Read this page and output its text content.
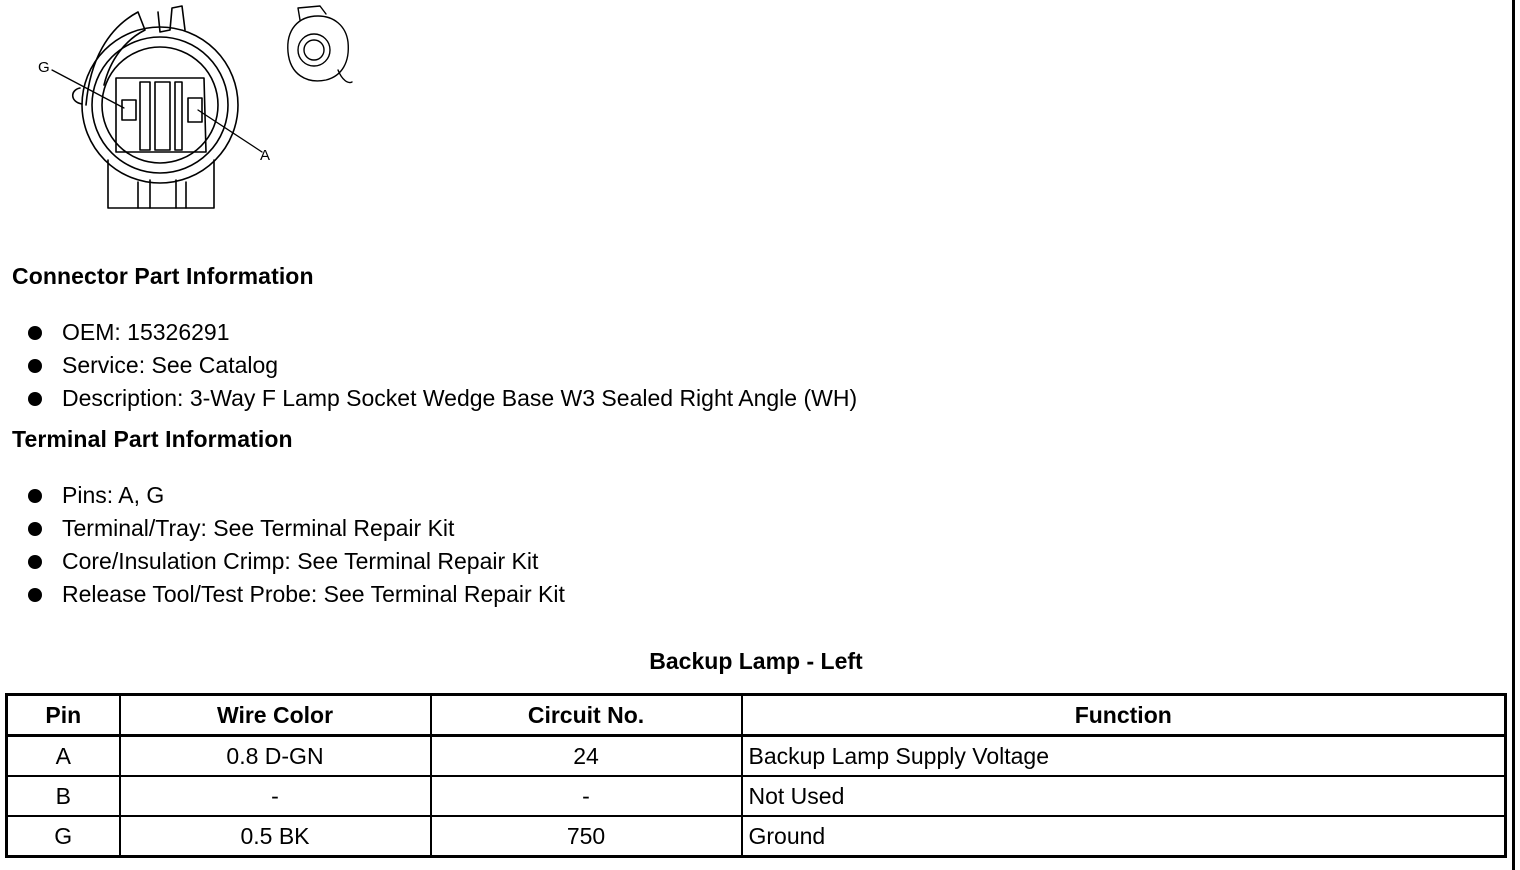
G
A
Connector Part Information
OEM: 15326291
Service: See Catalog
Description: 3-Way F Lamp Socket Wedge Base W3 Sealed Right Angle (WH)
Terminal Part Information
Pins: A, G
Terminal/Tray: See Terminal Repair Kit
Core/Insulation Crimp: See Terminal Repair Kit
Release Tool/Test Probe: See Terminal Repair Kit
Backup Lamp - Left
Pin	Wire Color	Circuit No.	Function
A	0.8 D-GN	24	Backup Lamp Supply Voltage
B	-	-	Not Used
G	0.5 BK	750	Ground
